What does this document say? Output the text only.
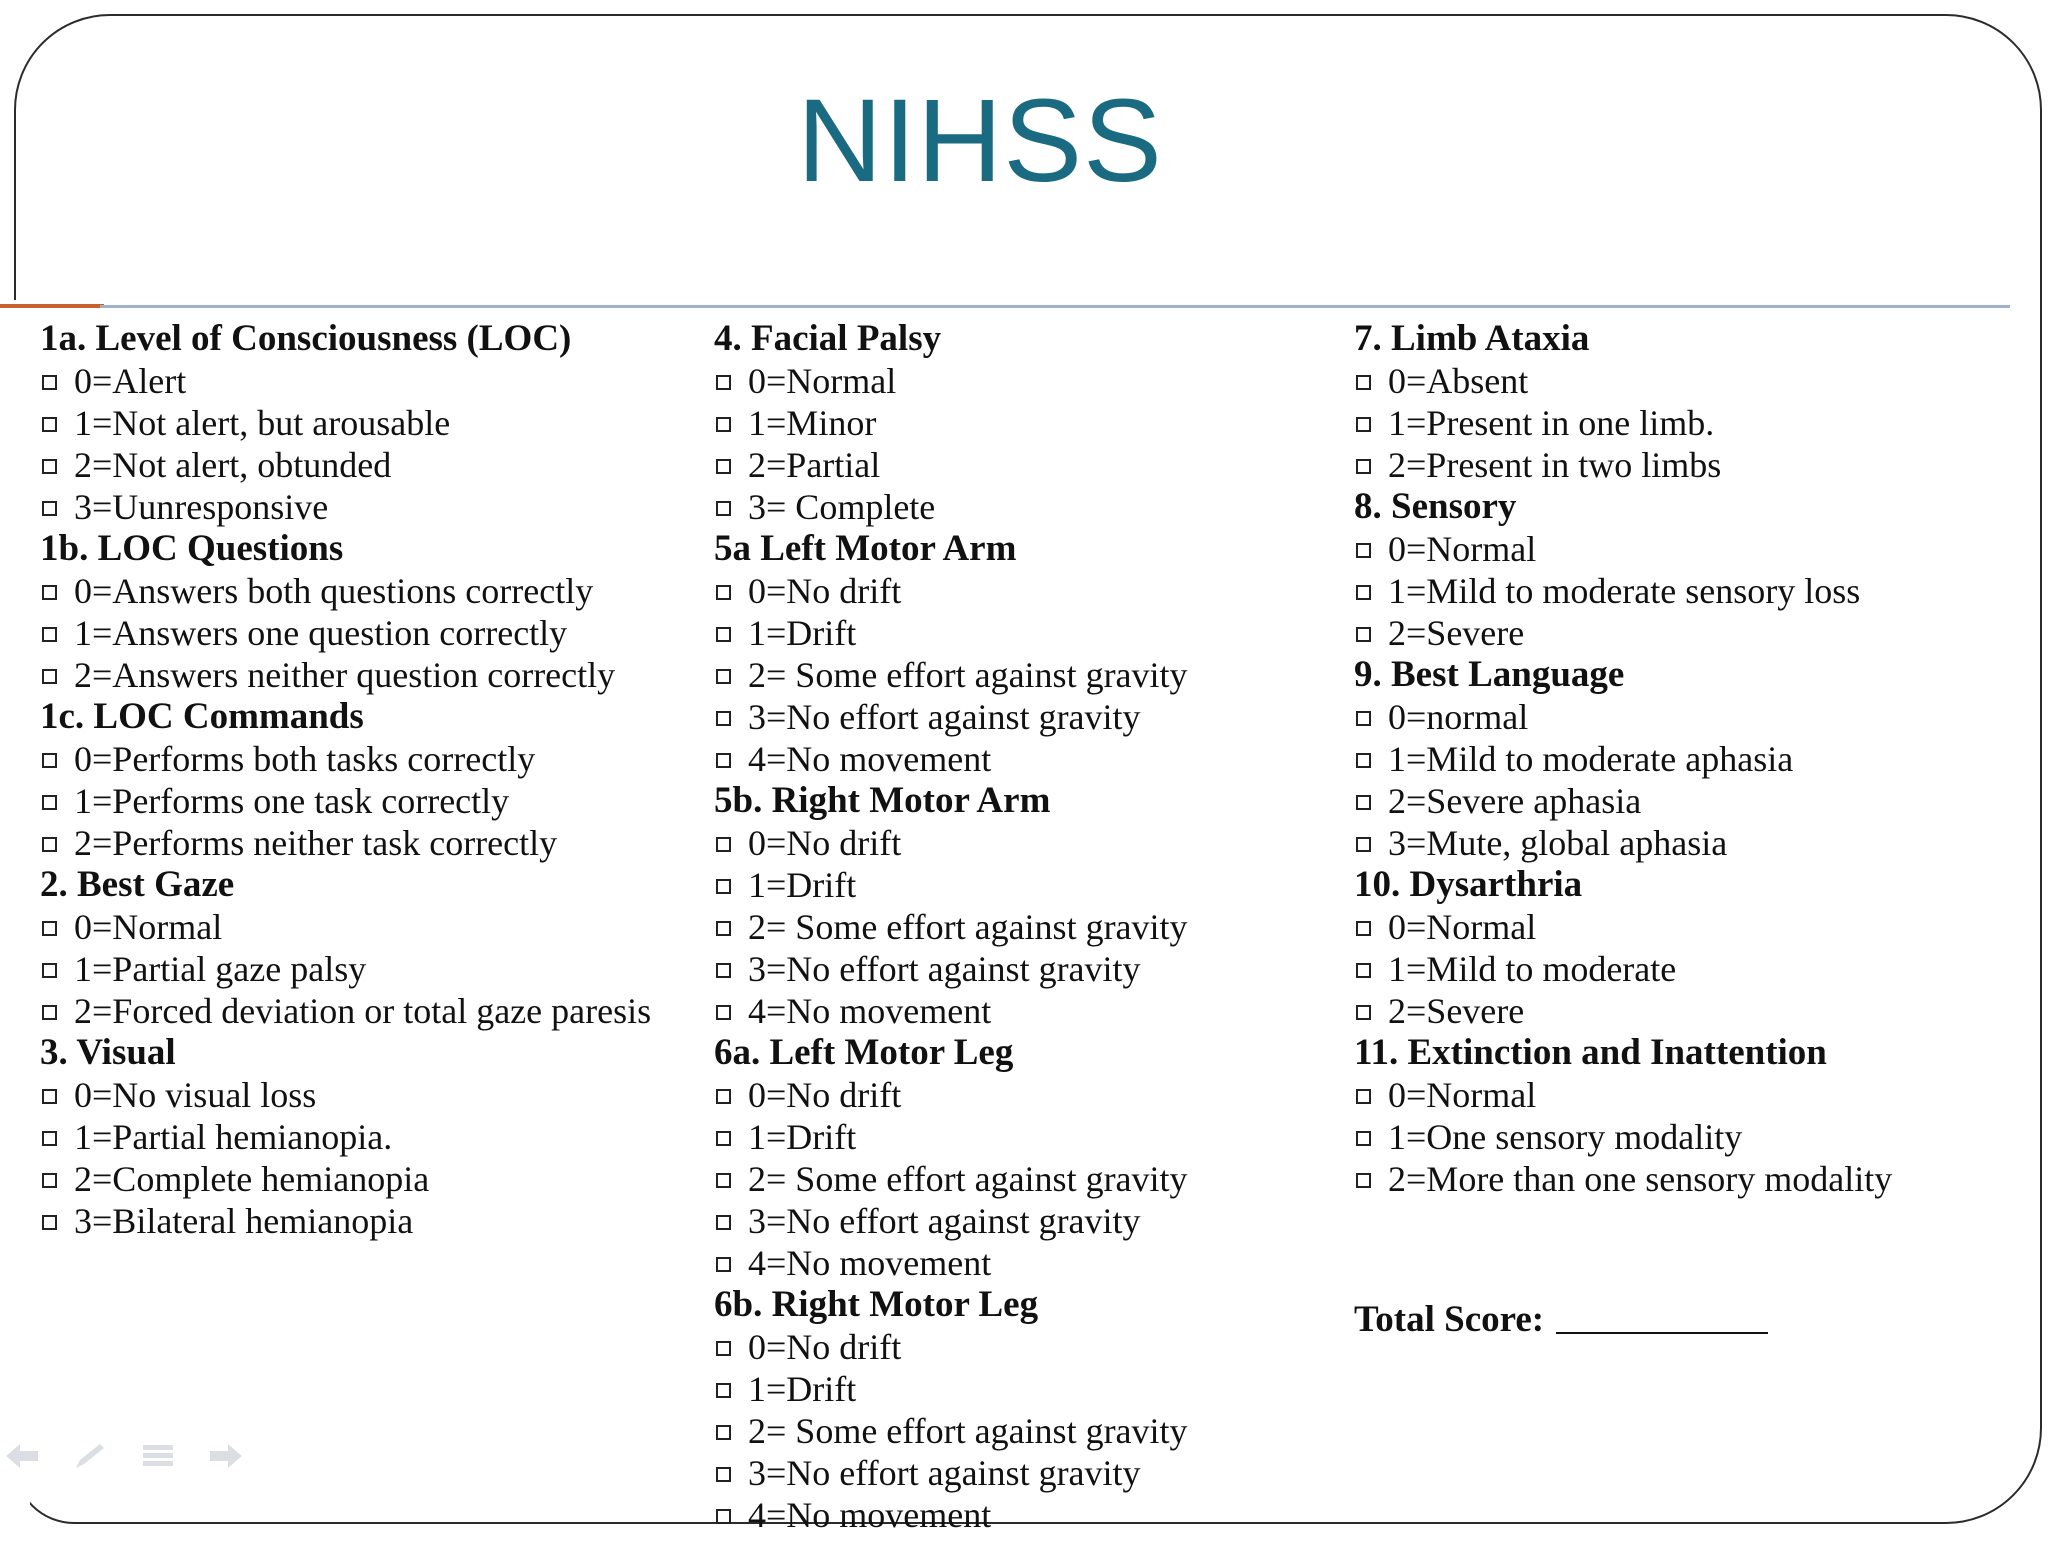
NIHSS
1a. Level of Consciousness (LOC)
0=Alert
1=Not alert, but arousable
2=Not alert, obtunded
3=Uunresponsive
1b. LOC Questions
0=Answers both questions correctly
1=Answers one question correctly
2=Answers neither question correctly
1c. LOC Commands
0=Performs both tasks correctly
1=Performs one task correctly
2=Performs neither task correctly
2. Best Gaze
0=Normal
1=Partial gaze palsy
2=Forced deviation or total gaze paresis
3. Visual
0=No visual loss
1=Partial hemianopia.
2=Complete hemianopia
3=Bilateral hemianopia
4. Facial Palsy
0=Normal
1=Minor
2=Partial
3= Complete
5a Left Motor Arm
0=No drift
1=Drift
2= Some effort against gravity
3=No effort against gravity
4=No movement
5b. Right Motor Arm
0=No drift
1=Drift
2= Some effort against gravity
3=No effort against gravity
4=No movement
6a. Left Motor Leg
0=No drift
1=Drift
2= Some effort against gravity
3=No effort against gravity
4=No movement
6b. Right Motor Leg
0=No drift
1=Drift
2= Some effort against gravity
3=No effort against gravity
4=No movement
7. Limb Ataxia
0=Absent
1=Present in one limb.
2=Present in two limbs
8. Sensory
0=Normal
1=Mild to moderate sensory loss
2=Severe
9. Best Language
0=normal
1=Mild to moderate aphasia
2=Severe aphasia
3=Mute, global aphasia
10. Dysarthria
0=Normal
1=Mild to moderate
2=Severe
11. Extinction and Inattention
0=Normal
1=One sensory modality
2=More than one sensory modality
Total Score:
